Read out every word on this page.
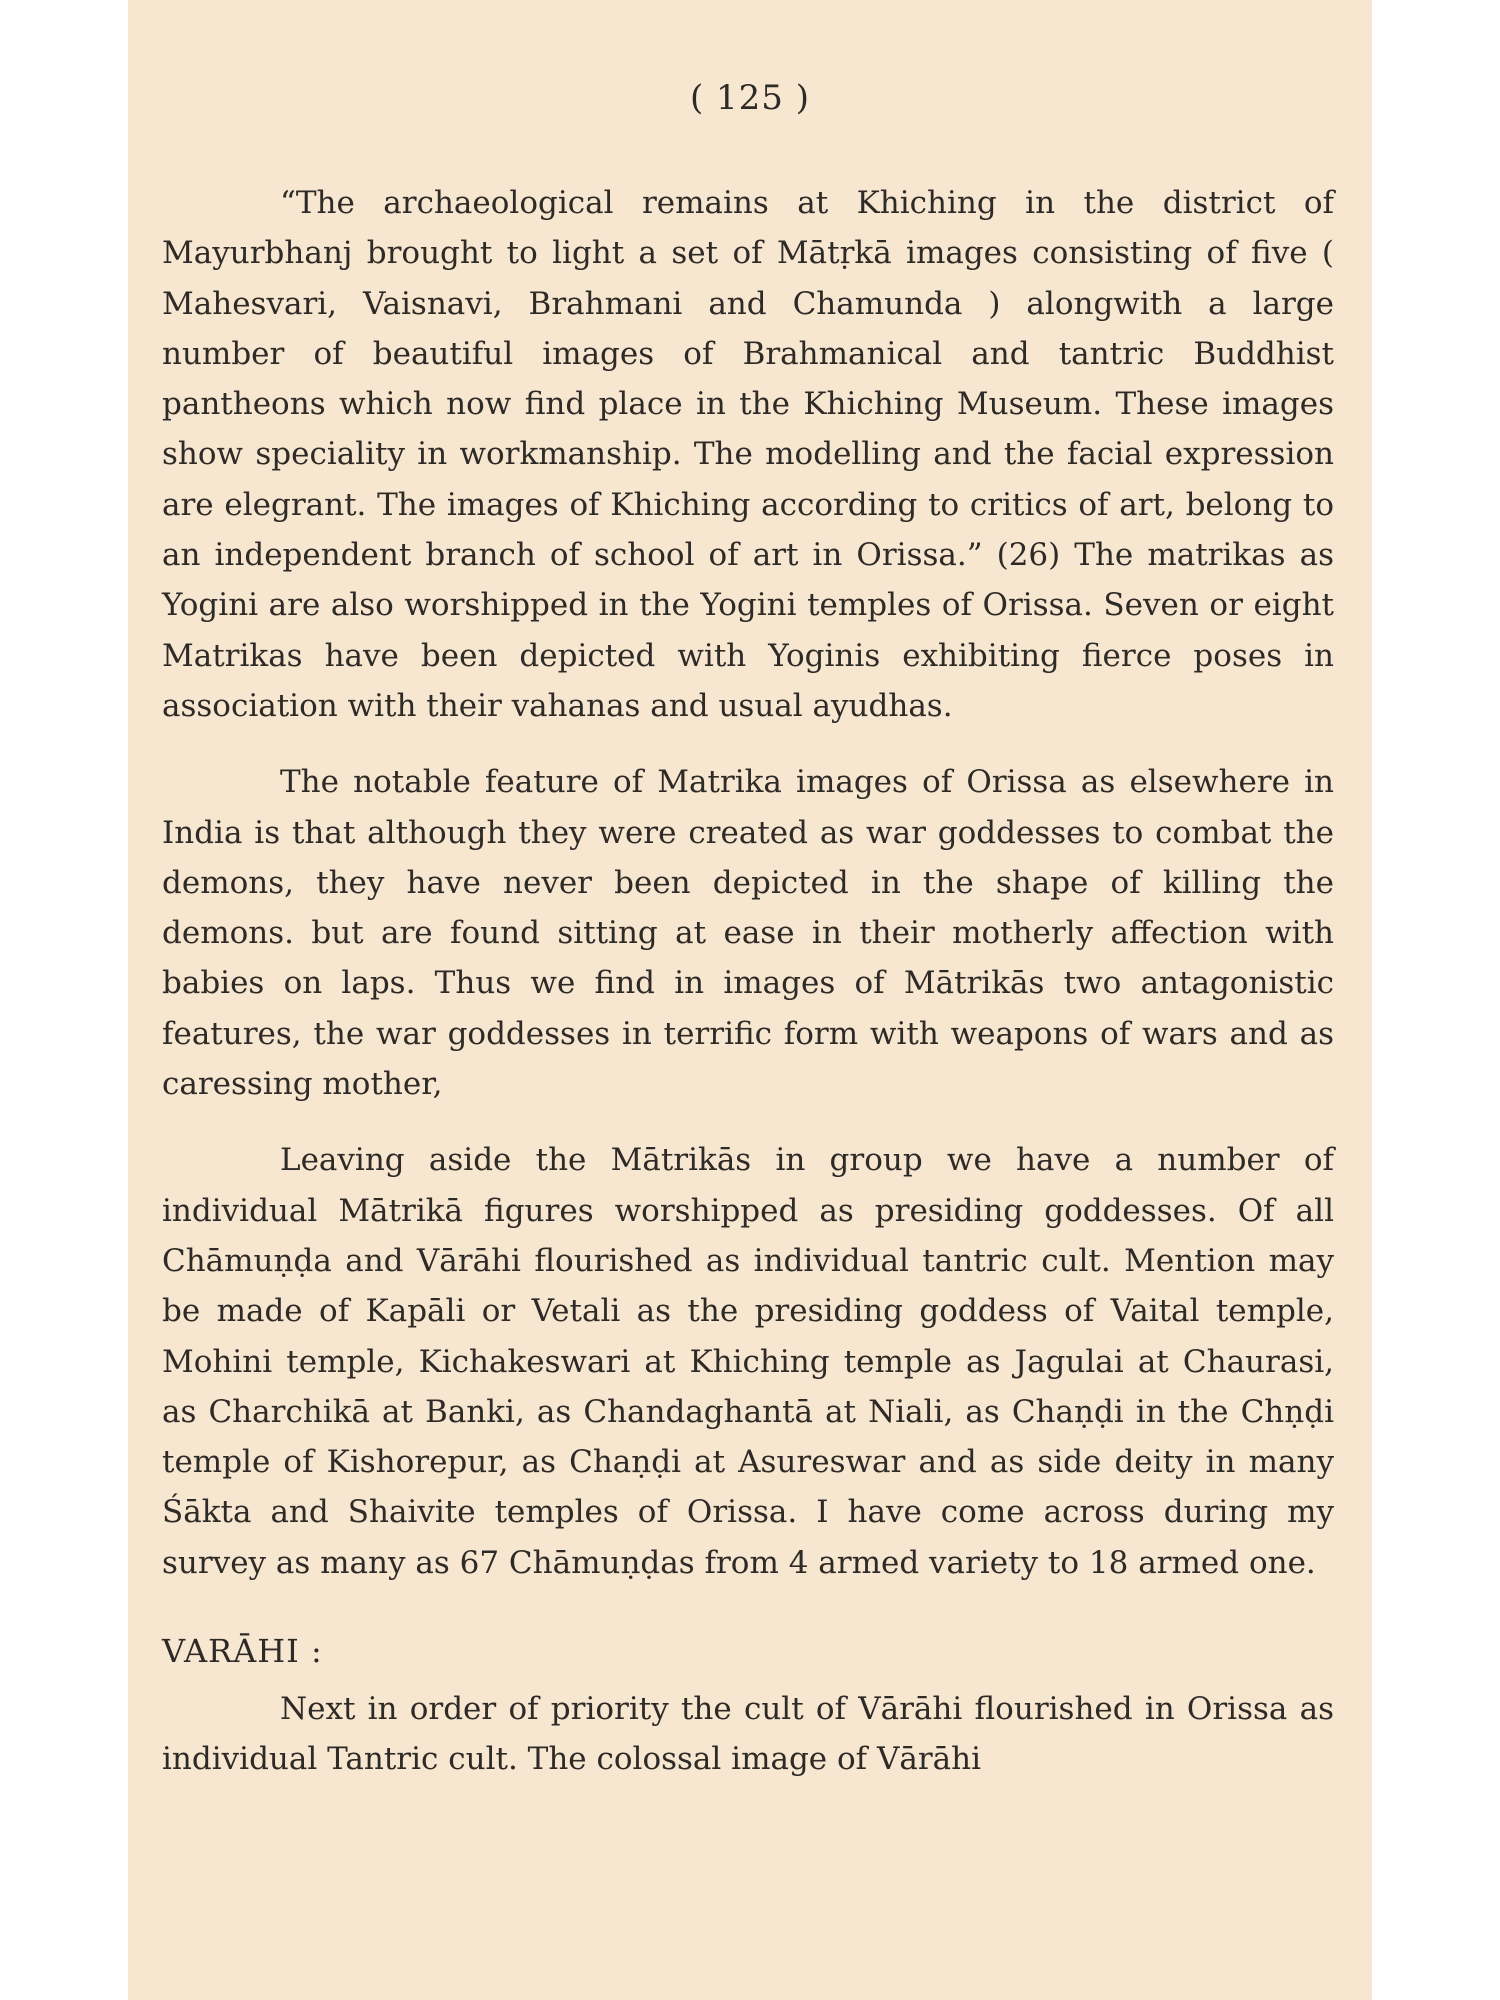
( 125 )

“The archaeological remains at Khiching in the district of Mayurbhanj brought to light a set of Mātṛkā images consisting of five ( Mahesvari, Vaisnavi, Brahmani and Chamunda ) alongwith a large number of beautiful images of Brahmanical and tantric Buddhist pantheons which now find place in the Khiching Museum. These images show speciality in workmanship. The modelling and the facial expression are elegrant. The images of Khiching according to critics of art, belong to an independent branch of school of art in Orissa.” (26) The matrikas as Yogini are also worshipped in the Yogini temples of Orissa. Seven or eight Matrikas have been depicted with Yoginis exhibiting fierce poses in association with their vahanas and usual ayudhas.

The notable feature of Matrika images of Orissa as elsewhere in India is that although they were created as war goddesses to combat the demons, they have never been depicted in the shape of killing the demons. but are found sitting at ease in their motherly affection with babies on laps. Thus we find in images of Mātrikās two antagonistic features, the war goddesses in terrific form with weapons of wars and as caressing mother,

Leaving aside the Mātrikās in group we have a number of individual Mātrikā figures worshipped as presiding goddesses. Of all Chāmuṇḍa and Vārāhi flourished as individual tantric cult. Mention may be made of Kapāli or Vetali as the presiding goddess of Vaital temple, Mohini temple, Kichakeswari at Khiching temple as Jagulai at Chaurasi, as Charchikā at Banki, as Chandaghantā at Niali, as Chaṇḍi in the Chṇḍi temple of Kishorepur, as Chaṇḍi at Asureswar and as side deity in many Śākta and Shaivite temples of Orissa. I have come across during my survey as many as 67 Chāmuṇḍas from 4 armed variety to 18 armed one.

VARĀHI :

Next in order of priority the cult of Vārāhi flourished in Orissa as individual Tantric cult. The colossal image of Vārāhi
